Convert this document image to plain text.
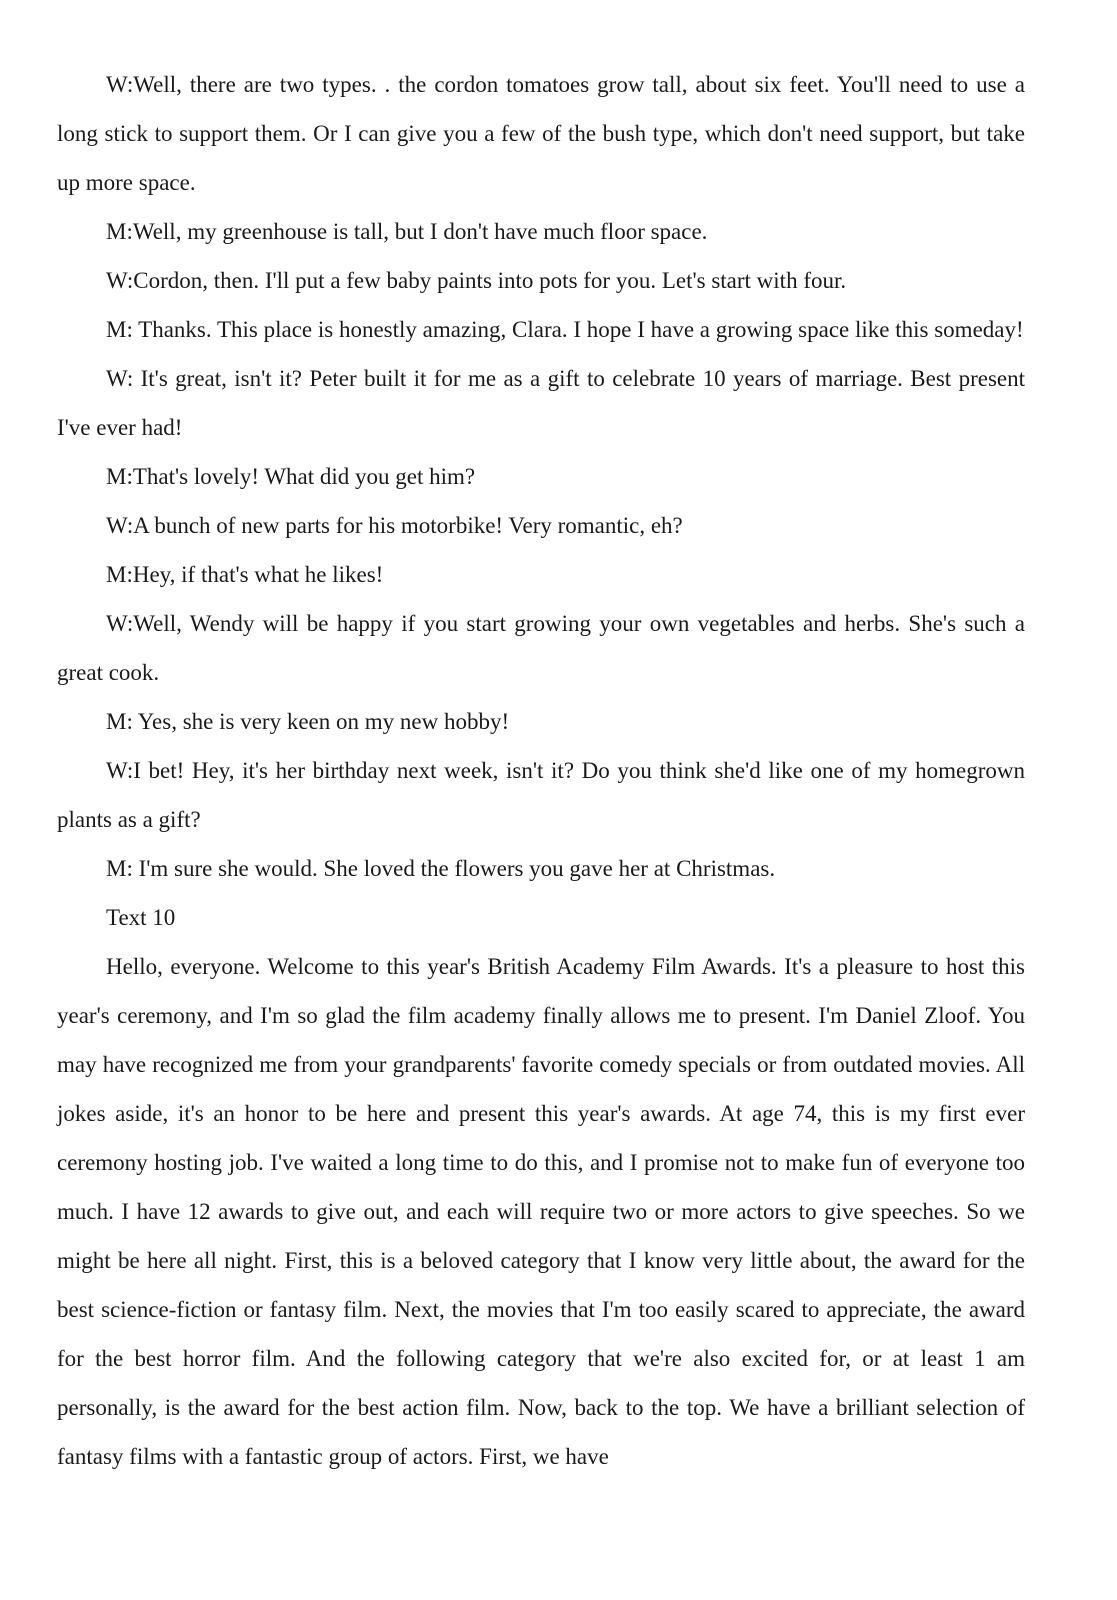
W:Well, there are two types. . the cordon tomatoes grow tall, about six feet. You'll need to use a long stick to support them. Or I can give you a few of the bush type, which don't need support, but take up more space.

M:Well, my greenhouse is tall, but I don't have much floor space.

W:Cordon, then. I'll put a few baby paints into pots for you. Let's start with four.

M: Thanks. This place is honestly amazing, Clara. I hope I have a growing space like this someday!

W: It's great, isn't it? Peter built it for me as a gift to celebrate 10 years of marriage. Best present I've ever had!

M:That's lovely! What did you get him?

W:A bunch of new parts for his motorbike! Very romantic, eh?

M:Hey, if that's what he likes!

W:Well, Wendy will be happy if you start growing your own vegetables and herbs. She's such a great cook.

M: Yes, she is very keen on my new hobby!

W:I bet! Hey, it's her birthday next week, isn't it? Do you think she'd like one of my homegrown plants as a gift?

M: I'm sure she would. She loved the flowers you gave her at Christmas.

Text 10

Hello, everyone. Welcome to this year's British Academy Film Awards. It's a pleasure to host this year's ceremony, and I'm so glad the film academy finally allows me to present. I'm Daniel Zloof. You may have recognized me from your grandparents' favorite comedy specials or from outdated movies. All jokes aside, it's an honor to be here and present this year's awards. At age 74, this is my first ever ceremony hosting job. I've waited a long time to do this, and I promise not to make fun of everyone too much. I have 12 awards to give out, and each will require two or more actors to give speeches. So we might be here all night. First, this is a beloved category that I know very little about, the award for the best science-fiction or fantasy film. Next, the movies that I'm too easily scared to appreciate, the award for the best horror film. And the following category that we're also excited for, or at least 1 am personally, is the award for the best action film. Now, back to the top. We have a brilliant selection of fantasy films with a fantastic group of actors. First, we have
